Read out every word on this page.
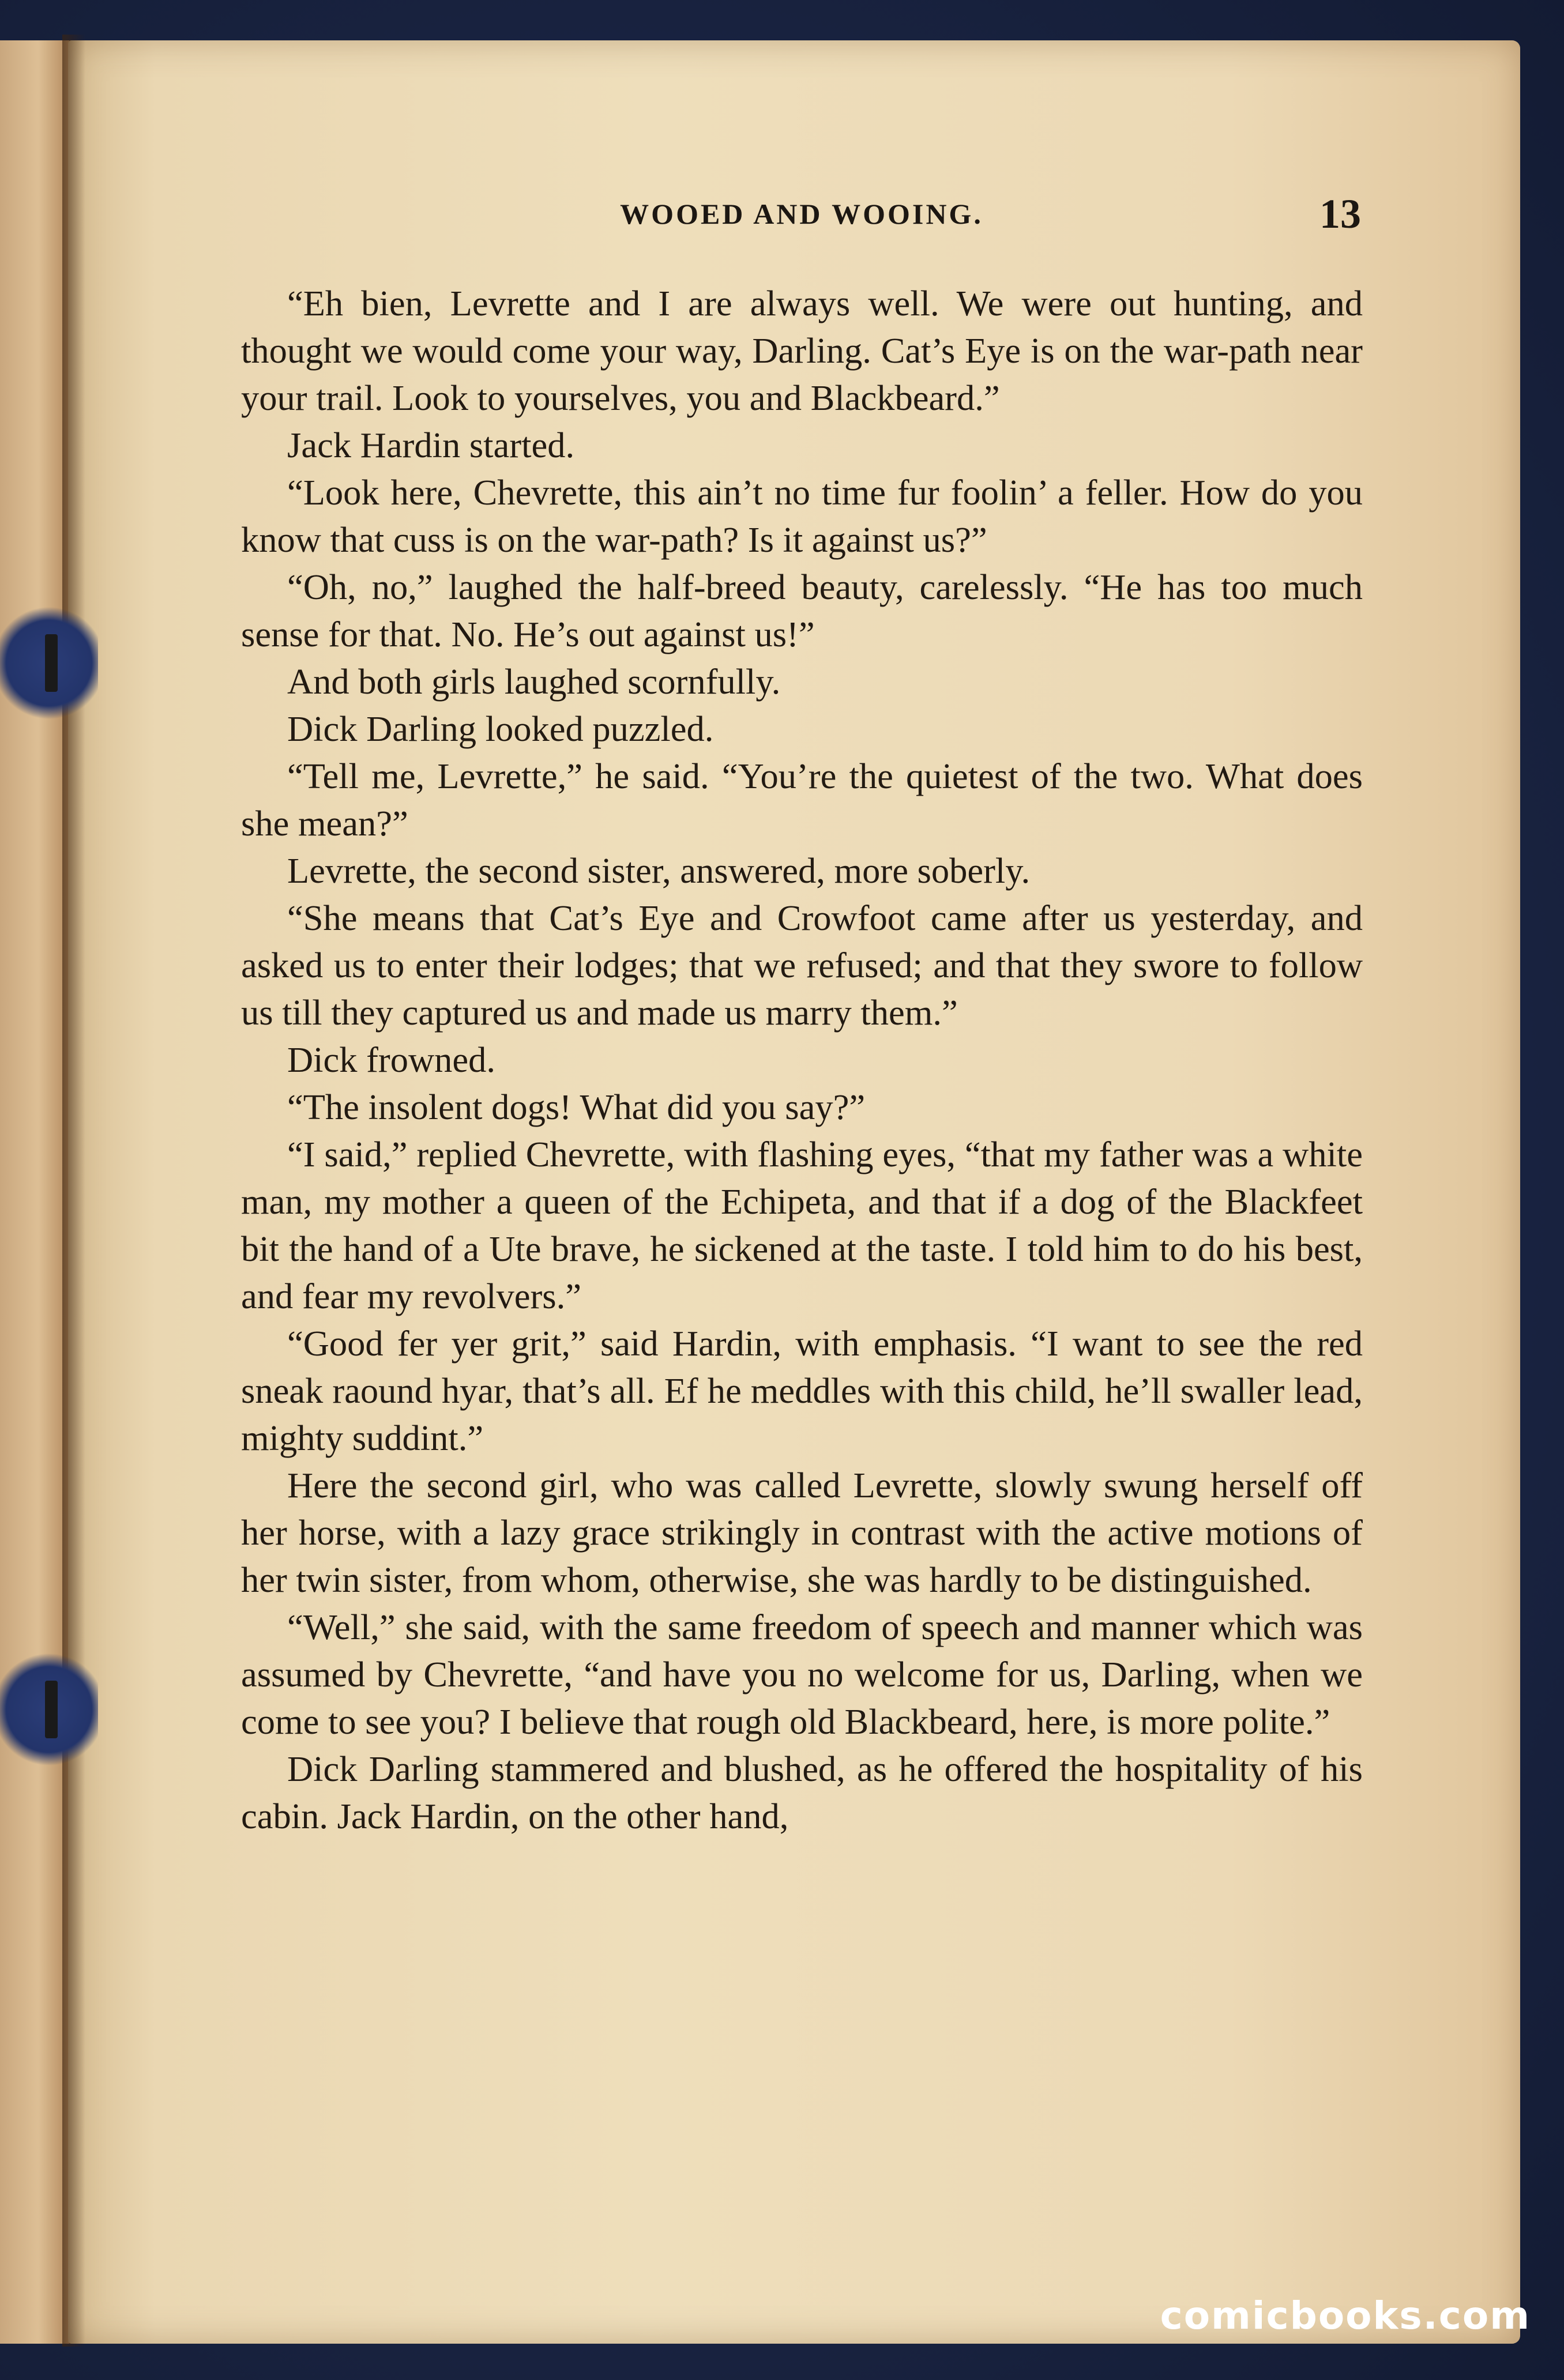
WOOED AND WOOING.	13

“Eh bien, Levrette and I are always well. We were out hunting, and thought we would come your way, Darling. Cat’s Eye is on the war-path near your trail. Look to yourselves, you and Blackbeard.”

Jack Hardin started.

“Look here, Chevrette, this ain’t no time fur foolin’ a feller. How do you know that cuss is on the war-path? Is it against us?”

“Oh, no,” laughed the half-breed beauty, carelessly. “He has too much sense for that. No. He’s out against us!”

And both girls laughed scornfully.

Dick Darling looked puzzled.

“Tell me, Levrette,” he said. “You’re the quietest of the two. What does she mean?”

Levrette, the second sister, answered, more soberly.

“She means that Cat’s Eye and Crowfoot came after us yesterday, and asked us to enter their lodges; that we refused; and that they swore to follow us till they captured us and made us marry them.”

Dick frowned.

“The insolent dogs! What did you say?”

“I said,” replied Chevrette, with flashing eyes, “that my father was a white man, my mother a queen of the Echipeta, and that if a dog of the Blackfeet bit the hand of a Ute brave, he sickened at the taste. I told him to do his best, and fear my revolvers.”

“Good fer yer grit,” said Hardin, with emphasis. “I want to see the red sneak raound hyar, that’s all. Ef he meddles with this child, he’ll swaller lead, mighty suddint.”

Here the second girl, who was called Levrette, slowly swung herself off her horse, with a lazy grace strikingly in contrast with the active motions of her twin sister, from whom, otherwise, she was hardly to be distinguished.

“Well,” she said, with the same freedom of speech and manner which was assumed by Chevrette, “and have you no welcome for us, Darling, when we come to see you? I believe that rough old Blackbeard, here, is more polite.”

Dick Darling stammered and blushed, as he offered the hospitality of his cabin. Jack Hardin, on the other hand,

comicbooks.com
